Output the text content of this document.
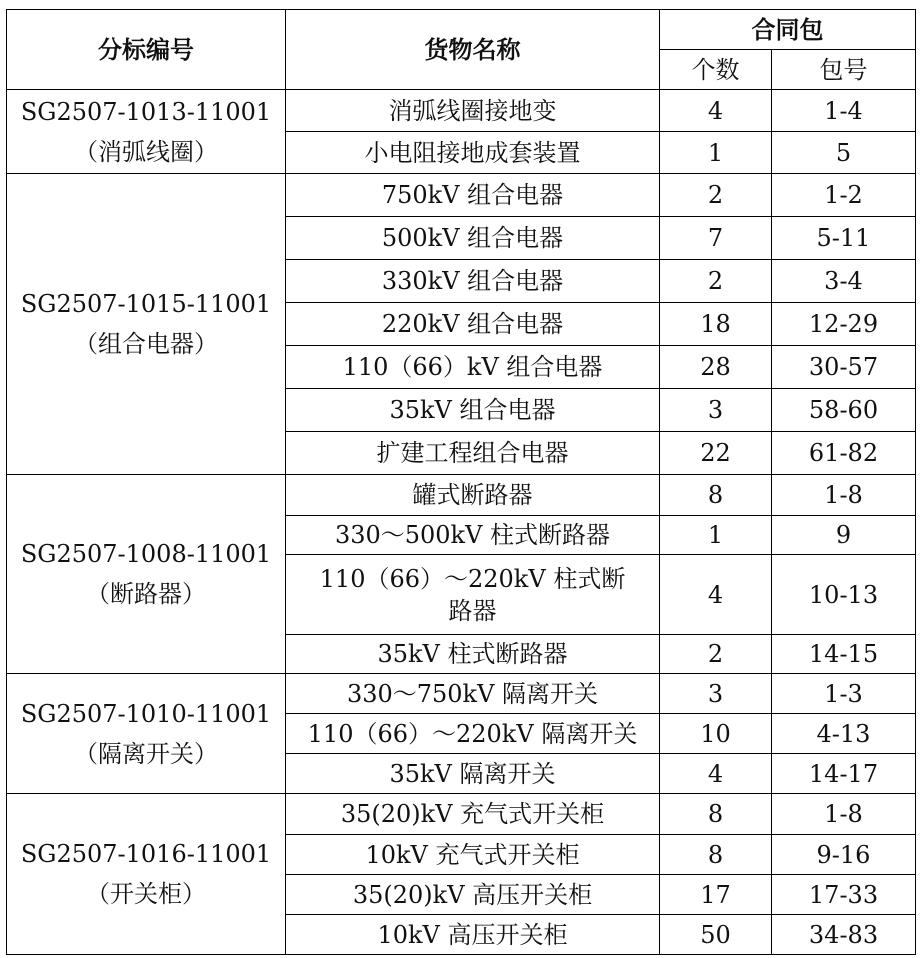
分标编号	货物名称	合同包	
		个数	包号

SG2507-1013-11001
（消弧线圈）	消弧线圈接地变	4	1-4
	小电阻接地成套装置	1	5

SG2507-1015-11001
（组合电器）	750kV 组合电器	2	1-2
	500kV 组合电器	7	5-11
	330kV 组合电器	2	3-4
	220kV 组合电器	18	12-29
	110（66）kV 组合电器	28	30-57
	35kV 组合电器	3	58-60
	扩建工程组合电器	22	61-82

SG2507-1008-11001
（断路器）	罐式断路器	8	1-8
	330～500kV 柱式断路器	1	9
	110（66）～220kV 柱式断路器	4	10-13
	35kV 柱式断路器	2	14-15

SG2507-1010-11001
（隔离开关）	330～750kV 隔离开关	3	1-3
	110（66）～220kV 隔离开关	10	4-13
	35kV 隔离开关	4	14-17

SG2507-1016-11001
（开关柜）	35(20)kV 充气式开关柜	8	1-8
	10kV 充气式开关柜	8	9-16
	35(20)kV 高压开关柜	17	17-33
	10kV 高压开关柜	50	34-83
